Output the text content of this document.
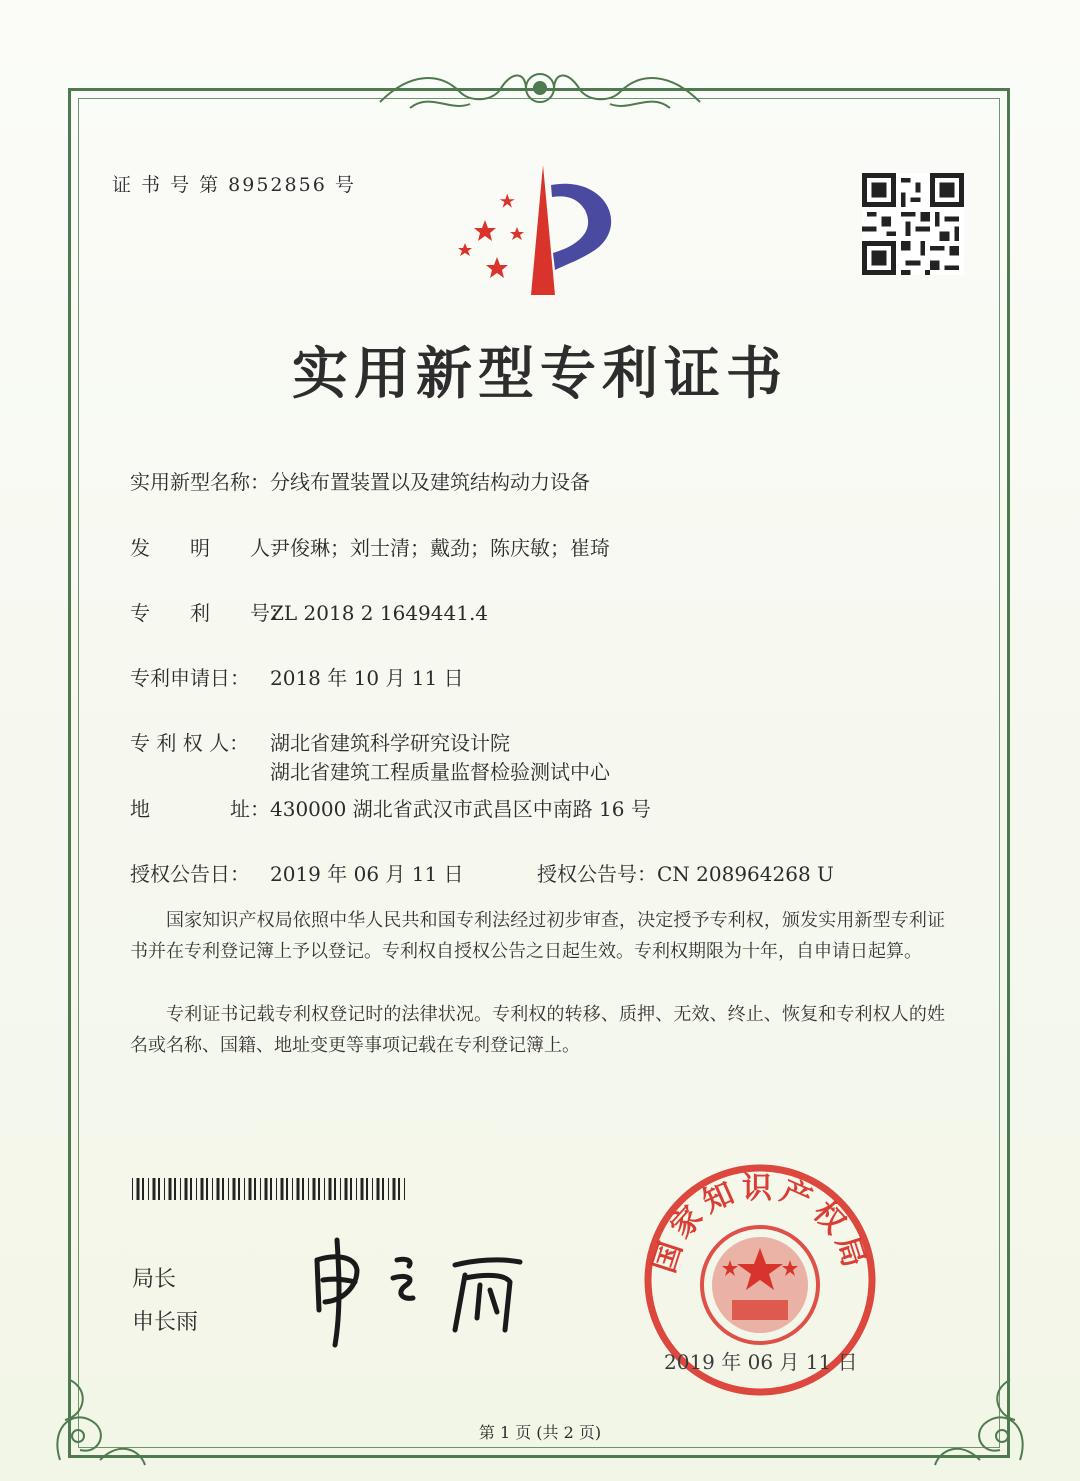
证 书 号 第 8952856 号
实用新型专利证书
实用新型名称：分线布置装置以及建筑结构动力设备
发　　明　　人：尹俊琳；刘士清；戴劲；陈庆敏；崔琦
专　　利　　号：ZL 2018 2 1649441.4
专利申请日： 2018 年 10 月 11 日
专 利 权 人： 湖北省建筑科学研究设计院
湖北省建筑工程质量监督检验测试中心
地　　　　址：430000 湖北省武汉市武昌区中南路 16 号
授权公告日： 2019 年 06 月 11 日	授权公告号：CN 208964268 U
国家知识产权局依照中华人民共和国专利法经过初步审查，决定授予专利权，颁发实用新型专利证书并在专利登记簿上予以登记。专利权自授权公告之日起生效。专利权期限为十年，自申请日起算。
专利证书记载专利权登记时的法律状况。专利权的转移、质押、无效、终止、恢复和专利权人的姓名或名称、国籍、地址变更等事项记载在专利登记簿上。
局长
申长雨
国家知识产权局
2019 年 06 月 11 日
第 1 页 (共 2 页)
